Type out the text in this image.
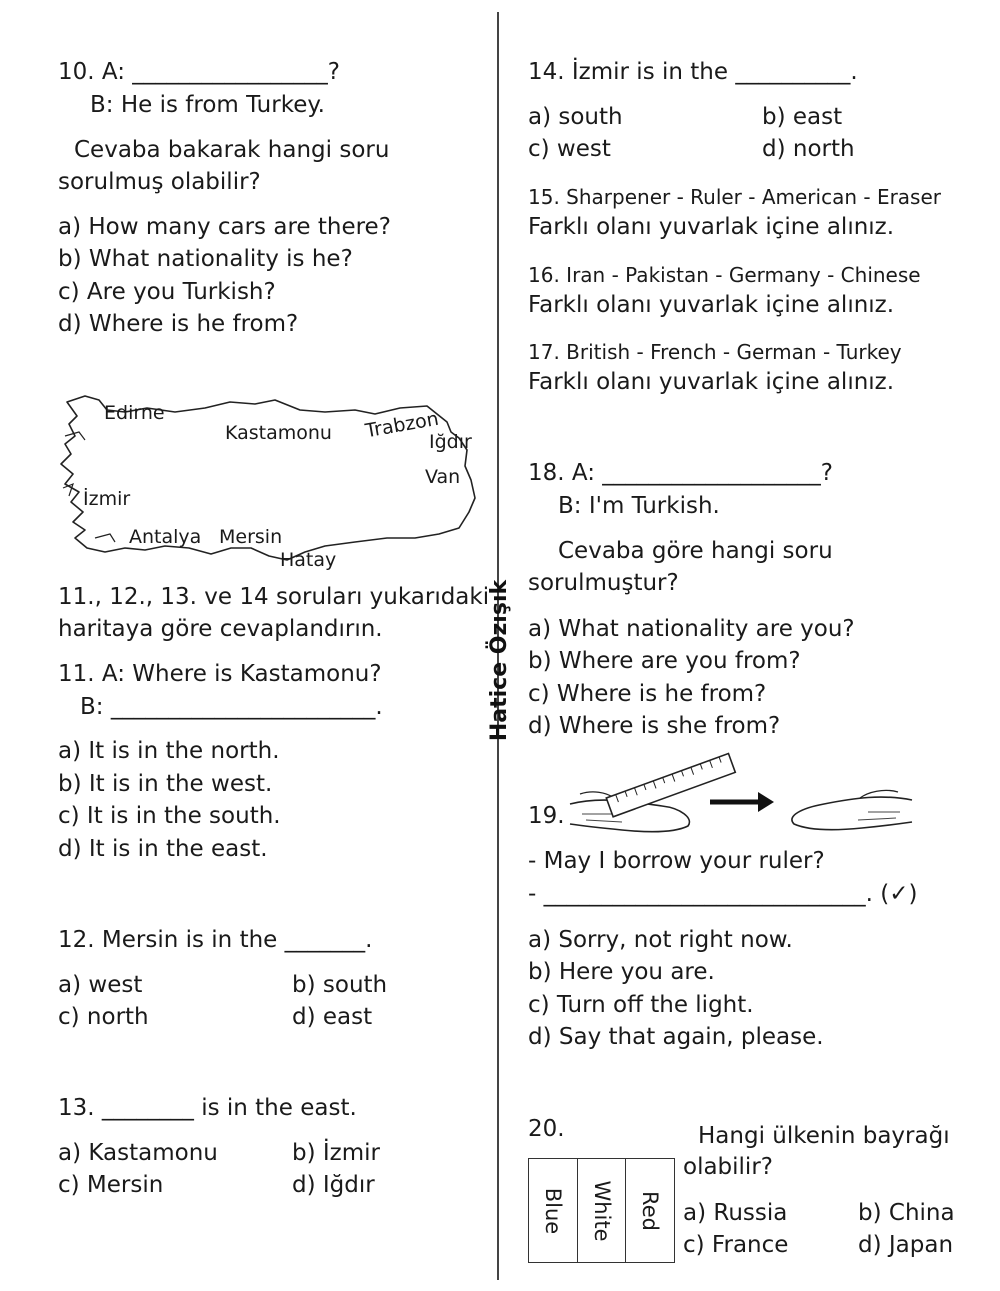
10. A: _________________?
B: He is from Turkey.
Cevaba bakarak hangi soru
sorulmuş olabilir?
a) How many cars are there?
b) What nationality is he?
c) Are you Turkish?
d) Where is he from?
Edirne
Kastamonu Trabzon
Iğdır
Van
İzmir
Antalya Mersin
Hatay
11., 12., 13. ve 14 soruları yukarıdaki
haritaya göre cevaplandırın.
11. A: Where is Kastamonu?
B: _______________________.
a) It is in the north.
b) It is in the west.
c) It is in the south.
d) It is in the east.
12. Mersin is in the _______.
a) west	b) south
c) north	d) east
13. ________ is in the east.
a) Kastamonu	b) İzmir
c) Mersin	d) Iğdır
Hatice Özışık
14. İzmir is in the __________.
a) south	b) east
c) west	d) north
15. Sharpener - Ruler - American - Eraser
Farklı olanı yuvarlak içine alınız.
16. Iran - Pakistan - Germany - Chinese
Farklı olanı yuvarlak içine alınız.
17. British - French - German - Turkey
Farklı olanı yuvarlak içine alınız.
18. A: ___________________?
B: I'm Turkish.
Cevaba göre hangi soru
sorulmuştur?
a) What nationality are you?
b) Where are you from?
c) Where is he from?
d) Where is she from?
19.
- May I borrow your ruler?
- ____________________________. (✓)
a) Sorry, not right now.
b) Here you are.
c) Turn off the light.
d) Say that again, please.
20.	Hangi ülkenin bayrağı
olabilir?
Blue White Red a) Russia	b) China
c) France	d) Japan
